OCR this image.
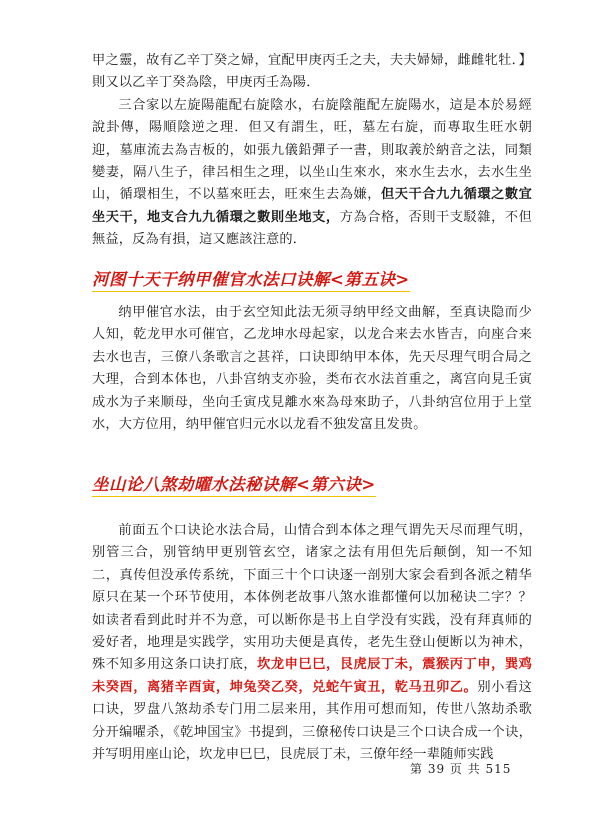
甲之靈，故有乙辛丁癸之婦，宜配甲庚丙壬之夫，夫夫婦婦，雌雌牝牡．】則又以乙辛丁癸為陰，甲庚丙壬為陽．

三合家以左旋陽龍配右旋陰水，右旋陰龍配左旋陽水，這是本於易經說卦傳，陽順陰逆之理．但又有謂生，旺，墓左右旋，而專取生旺水朝迎，墓庫流去為吉板的，如張九儀鉛彈子一書，則取義於納音之法，同類變妻，隔八生子，律呂相生之理，以坐山生來水，來水生去水，去水生坐山，循環相生，不以墓來旺去，旺來生去為嫌，但天干合九九循環之數宜坐天干，地支合九九循環之數則坐地支，方為合格，否則干支駁雜，不但無益，反為有損，這又應該注意的．

河图十天干纳甲催官水法口诀解<第五诀>

纳甲催官水法，由于玄空知此法无须寻纳甲经文曲解，至真诀隐而少人知，乾龙甲水可催官，乙龙坤水母起家，以龙合来去水皆吉，向座合来去水也吉，三僚八条歌言之甚祥，口诀即纳甲本体，先天尽理气明合局之大理，合到本体也，八卦宫纳支亦验，类布衣水法首重之，离宫向見壬寅成水为子来顺母，坐向壬寅戌見離水來為母來助子，八卦纳宫位用于上堂水，大方位用，纳甲催官归元水以龙看不独发富且发贵。

坐山论八煞劫曜水法秘诀解<第六诀>

前面五个口诀论水法合局，山情合到本体之理气谓先天尽而理气明，别管三合，别管纳甲更别管玄空，诸家之法有用但先后颠倒，知一不知二，真传但没承传系统，下面三十个口诀逐一剖别大家会看到各派之精华原只在某一个环节使用，本体例老故事八煞水谁都懂何以加秘诀二字？？如读者看到此时并不为意，可以断你是书上自学没有实践，没有拜真师的爱好者，地理是实践学，实用功夫便是真传，老先生登山便断以为神术，殊不知多用这条口诀打底，坎龙申巳巳，艮虎辰丁未，震猴丙丁申，巽鸡未癸酉，离猪辛酉寅，坤兔癸乙癸，兑蛇午寅丑，乾马丑卯乙。别小看这口诀，罗盘八煞劫杀专门用二层来用，其作用可想而知，传世八煞劫杀歌分开编曜杀，《乾坤国宝》书提到，三僚秘传口诀是三个口诀合成一个诀，并写明用座山论，坎龙申巳巳，艮虎辰丁未，三僚年经一辈随师实践

第 39 页 共 515
